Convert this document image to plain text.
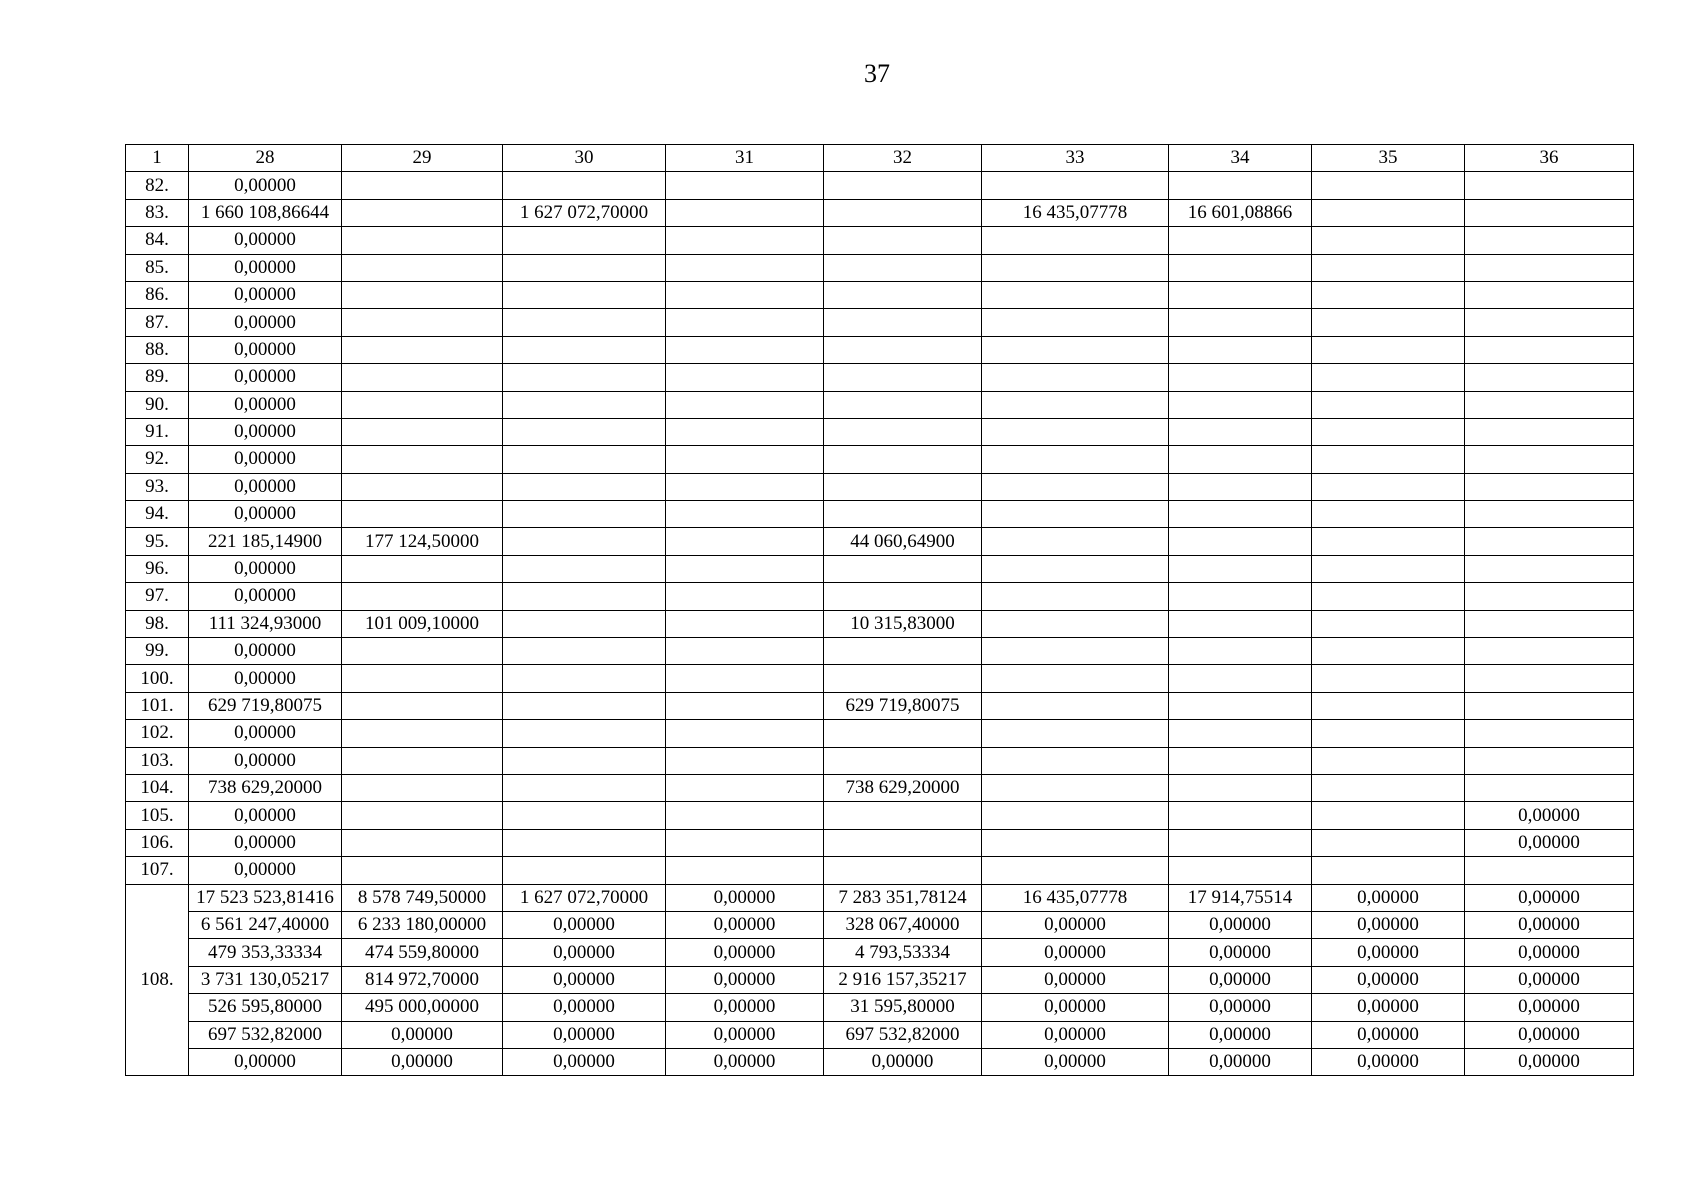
37
1	28	29	30	31	32	33	34	35	36
82.	0,00000								
83.	1 660 108,86644		1 627 072,70000			16 435,07778	16 601,08866		
84.	0,00000								
85.	0,00000								
86.	0,00000								
87.	0,00000								
88.	0,00000								
89.	0,00000								
90.	0,00000								
91.	0,00000								
92.	0,00000								
93.	0,00000								
94.	0,00000								
95.	221 185,14900	177 124,50000			44 060,64900				
96.	0,00000								
97.	0,00000								
98.	111 324,93000	101 009,10000			10 315,83000				
99.	0,00000								
100.	0,00000								
101.	629 719,80075				629 719,80075				
102.	0,00000								
103.	0,00000								
104.	738 629,20000				738 629,20000				
105.	0,00000								0,00000
106.	0,00000								0,00000
107.	0,00000								
108.	17 523 523,81416	8 578 749,50000	1 627 072,70000	0,00000	7 283 351,78124	16 435,07778	17 914,75514	0,00000	0,00000
	6 561 247,40000	6 233 180,00000	0,00000	0,00000	328 067,40000	0,00000	0,00000	0,00000	0,00000
	479 353,33334	474 559,80000	0,00000	0,00000	4 793,53334	0,00000	0,00000	0,00000	0,00000
	3 731 130,05217	814 972,70000	0,00000	0,00000	2 916 157,35217	0,00000	0,00000	0,00000	0,00000
	526 595,80000	495 000,00000	0,00000	0,00000	31 595,80000	0,00000	0,00000	0,00000	0,00000
	697 532,82000	0,00000	0,00000	0,00000	697 532,82000	0,00000	0,00000	0,00000	0,00000
	0,00000	0,00000	0,00000	0,00000	0,00000	0,00000	0,00000	0,00000	0,00000
